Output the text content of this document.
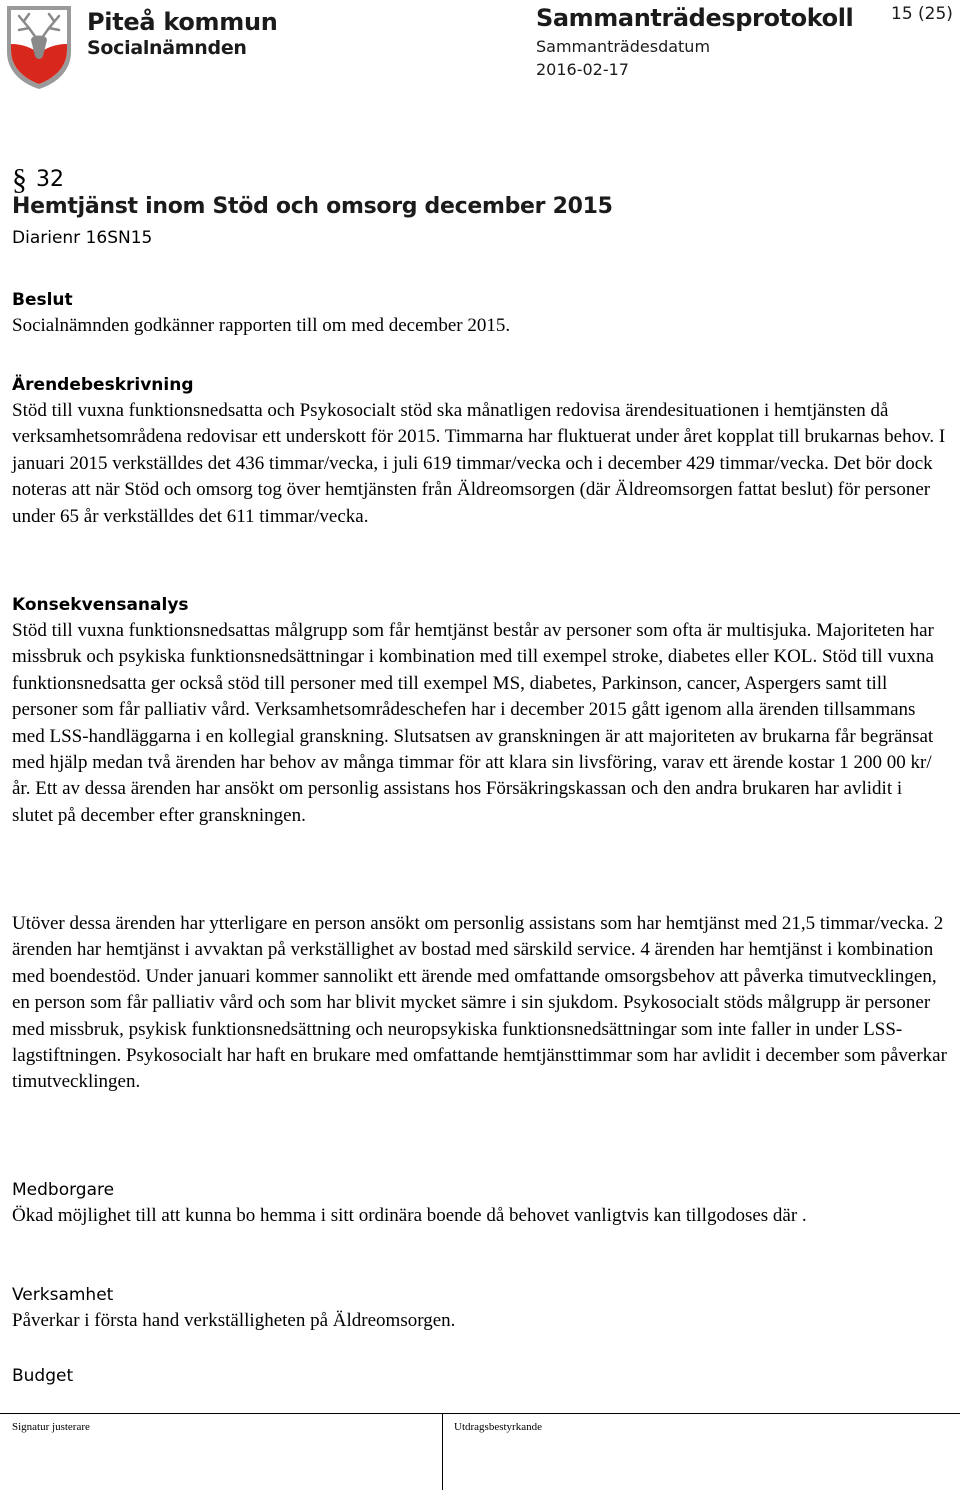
Piteå kommun
Socialnämnden
Sammanträdesprotokoll
Sammanträdesdatum
2016-02-17
15 (25)
§ 32
Hemtjänst inom Stöd och omsorg december 2015
Diarienr 16SN15
Beslut

Socialnämnden godkänner rapporten till om med december 2015.

Ärendebeskrivning

Stöd till vuxna funktionsnedsatta och Psykosocialt stöd ska månatligen redovisa ärendesituationen i hemtjänsten då verksamhetsområdena redovisar ett underskott för 2015. Timmarna har fluktuerat under året kopplat till brukarnas behov. I januari 2015 verkställdes det 436 timmar/vecka, i juli 619 timmar/vecka och i december 429 timmar/vecka. Det bör dock noteras att när Stöd och omsorg tog över hemtjänsten från Äldreomsorgen (där Äldreomsorgen fattat beslut) för personer under 65 år verkställdes det 611 timmar/vecka.

Konsekvensanalys

Stöd till vuxna funktionsnedsattas målgrupp som får hemtjänst består av personer som ofta är multisjuka. Majoriteten har missbruk och psykiska funktionsnedsättningar i kombination med till exempel stroke, diabetes eller KOL. Stöd till vuxna funktionsnedsatta ger också stöd till personer med till exempel MS, diabetes, Parkinson, cancer, Aspergers samt till personer som får palliativ vård. Verksamhetsområdeschefen har i december 2015 gått igenom alla ärenden tillsammans med LSS-handläggarna i en kollegial granskning. Slutsatsen av granskningen är att majoriteten av brukarna får begränsat med hjälp medan två ärenden har behov av många timmar för att klara sin livsföring, varav ett ärende kostar 1 200 00 kr/år. Ett av dessa ärenden har ansökt om personlig assistans hos Försäkringskassan och den andra brukaren har avlidit i slutet på december efter granskningen.

Utöver dessa ärenden har ytterligare en person ansökt om personlig assistans som har hemtjänst med 21,5 timmar/vecka. 2 ärenden har hemtjänst i avvaktan på verkställighet av bostad med särskild service. 4 ärenden har hemtjänst i kombination med boendestöd. Under januari kommer sannolikt ett ärende med omfattande omsorgsbehov att påverka timutvecklingen, en person som får palliativ vård och som har blivit mycket sämre i sin sjukdom. Psykosocialt stöds målgrupp är personer med missbruk, psykisk funktionsnedsättning och neuropsykiska funktionsnedsättningar som inte faller in under LSS-lagstiftningen. Psykosocialt har haft en brukare med omfattande hemtjänsttimmar som har avlidit i december som påverkar timutvecklingen.

Medborgare

Ökad möjlighet till att kunna bo hemma i sitt ordinära boende då behovet vanligtvis kan tillgodoses där .

Verksamhet

Påverkar i första hand verkställigheten på Äldreomsorgen.

Budget
Signatur justerare	Utdragsbestyrkande
